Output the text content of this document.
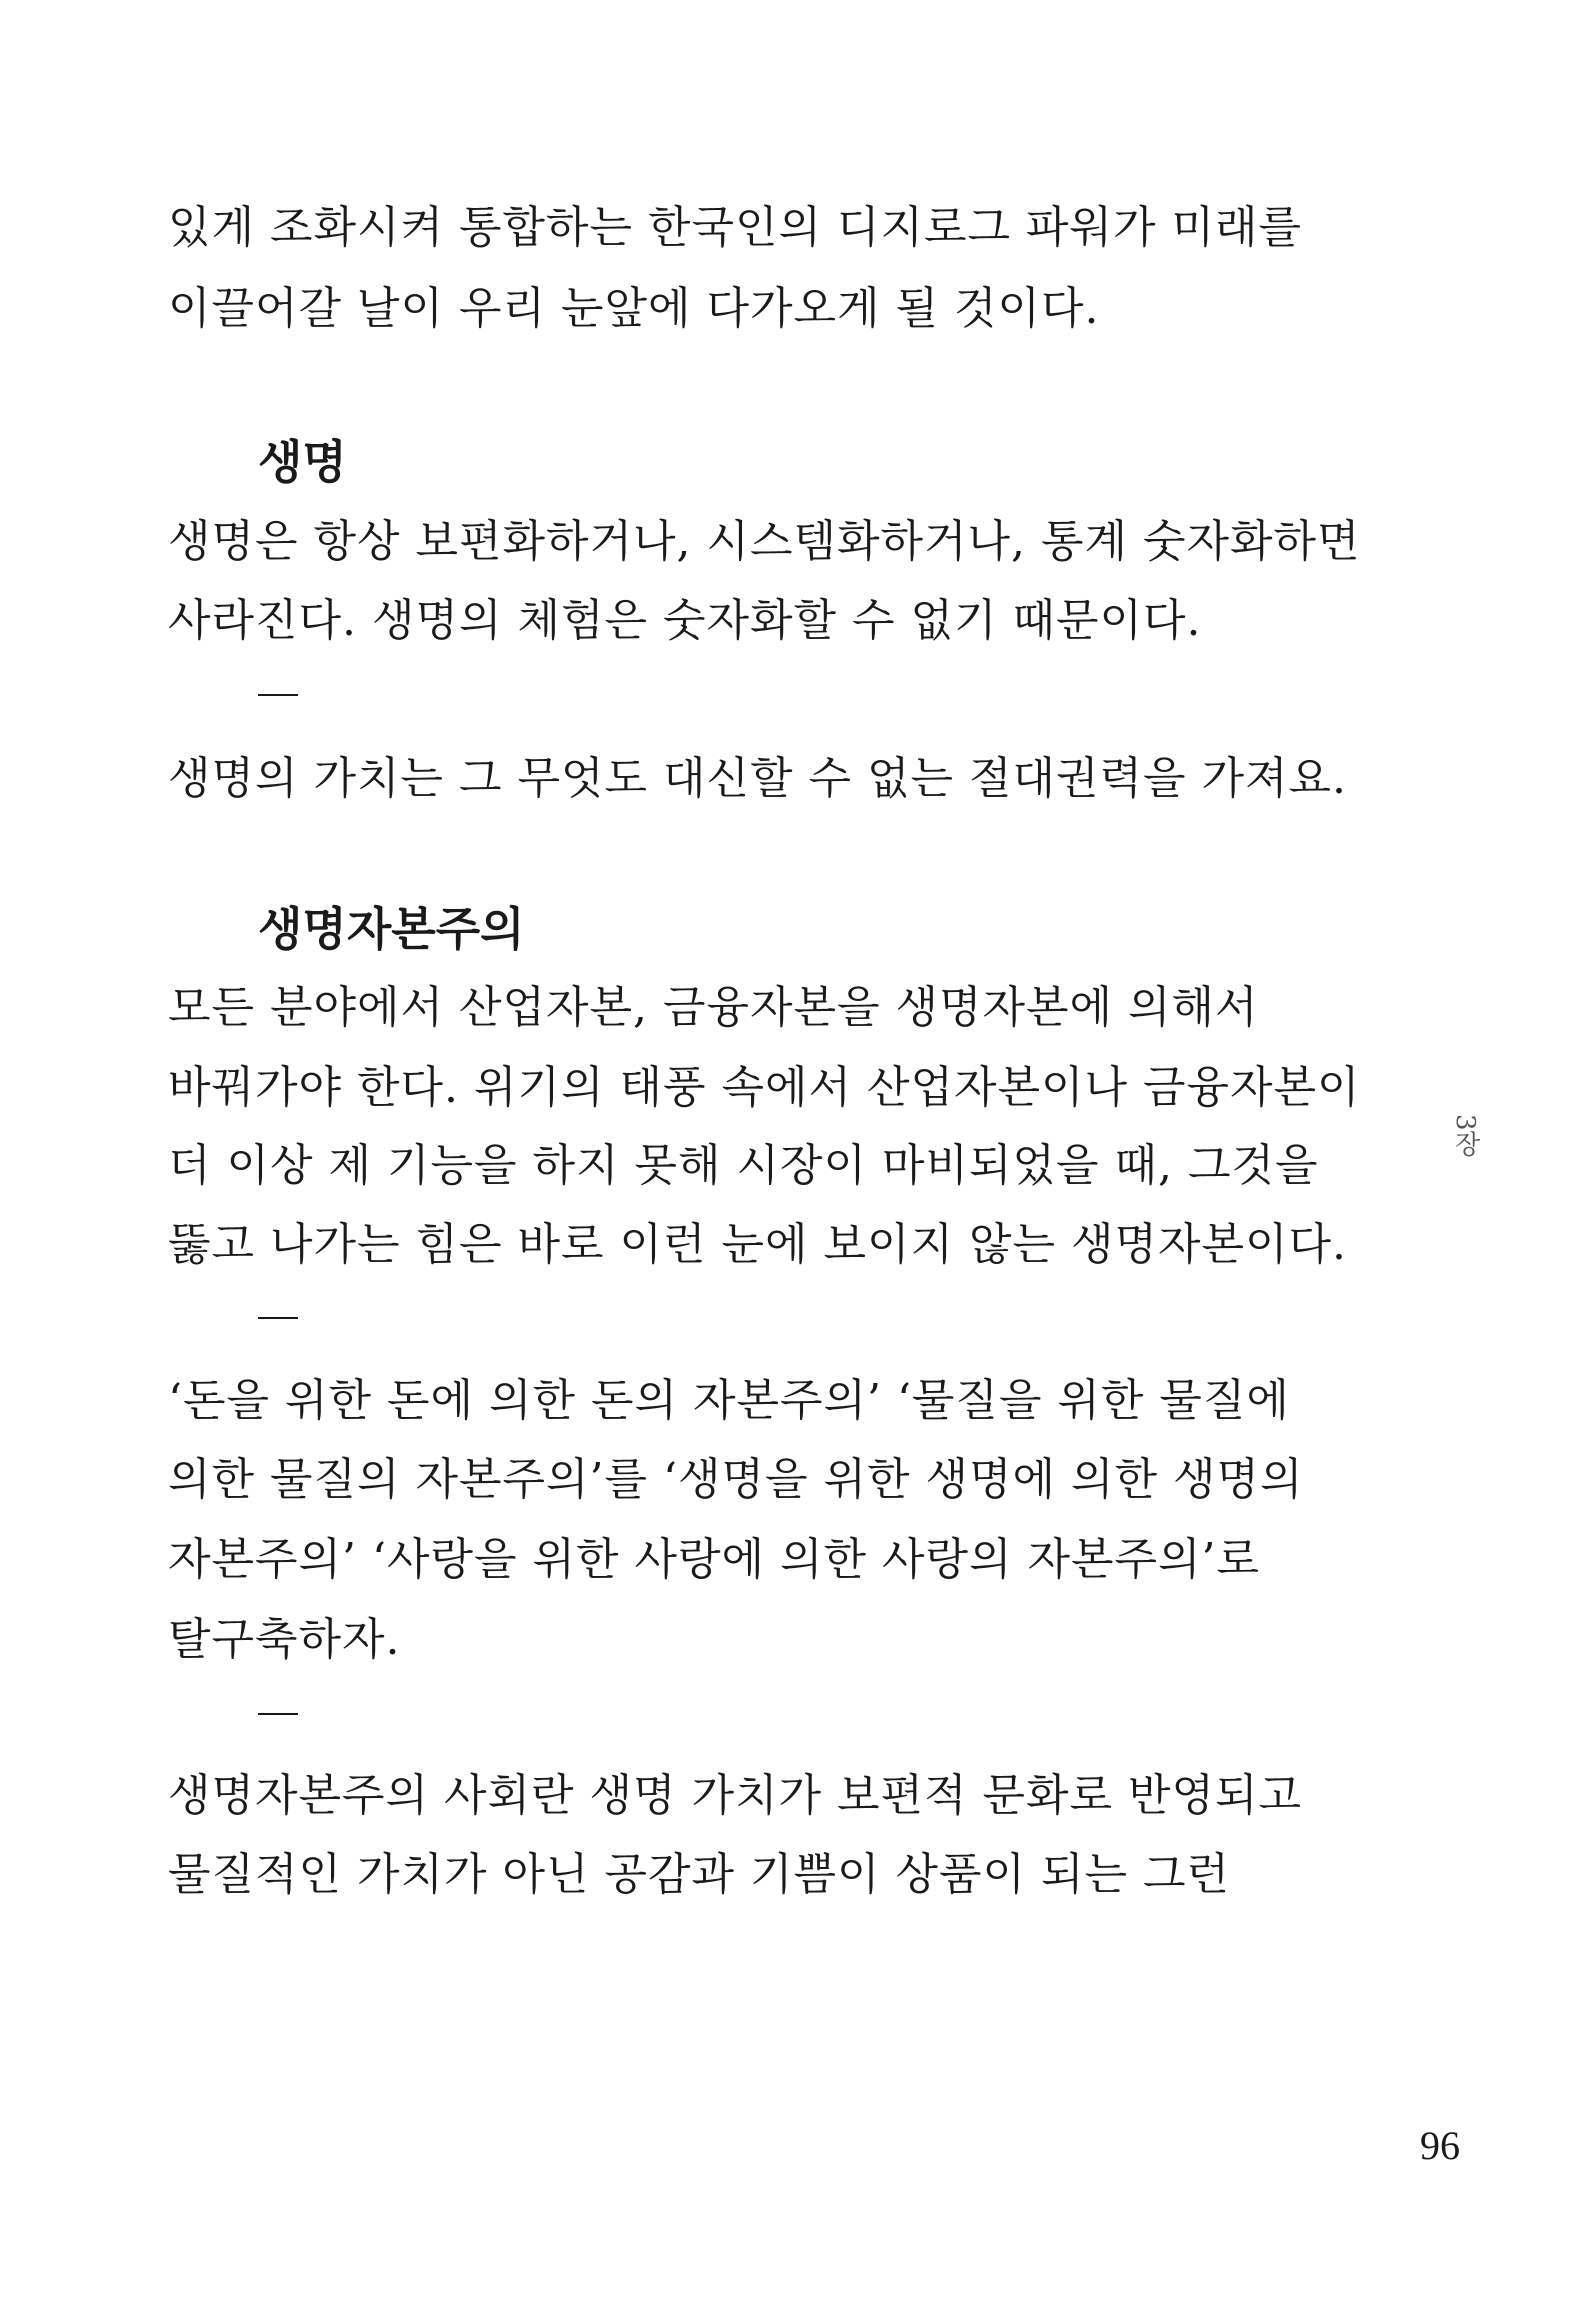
있게 조화시켜 통합하는 한국인의 디지로그 파워가 미래를
이끌어갈 날이 우리 눈앞에 다가오게 될 것이다.
생명
생명은 항상 보편화하거나, 시스템화하거나, 통계 숫자화하면
사라진다. 생명의 체험은 숫자화할 수 없기 때문이다.
생명의 가치는 그 무엇도 대신할 수 없는 절대권력을 가져요.
생명자본주의
모든 분야에서 산업자본, 금융자본을 생명자본에 의해서
바꿔가야 한다. 위기의 태풍 속에서 산업자본이나 금융자본이
더 이상 제 기능을 하지 못해 시장이 마비되었을 때, 그것을
뚫고 나가는 힘은 바로 이런 눈에 보이지 않는 생명자본이다.
‘돈을 위한 돈에 의한 돈의 자본주의’ ‘물질을 위한 물질에
의한 물질의 자본주의’를 ‘생명을 위한 생명에 의한 생명의
자본주의’ ‘사랑을 위한 사랑에 의한 사랑의 자본주의’로
탈구축하자.
생명자본주의 사회란 생명 가치가 보편적 문화로 반영되고
물질적인 가치가 아닌 공감과 기쁨이 상품이 되는 그런
3장
96
